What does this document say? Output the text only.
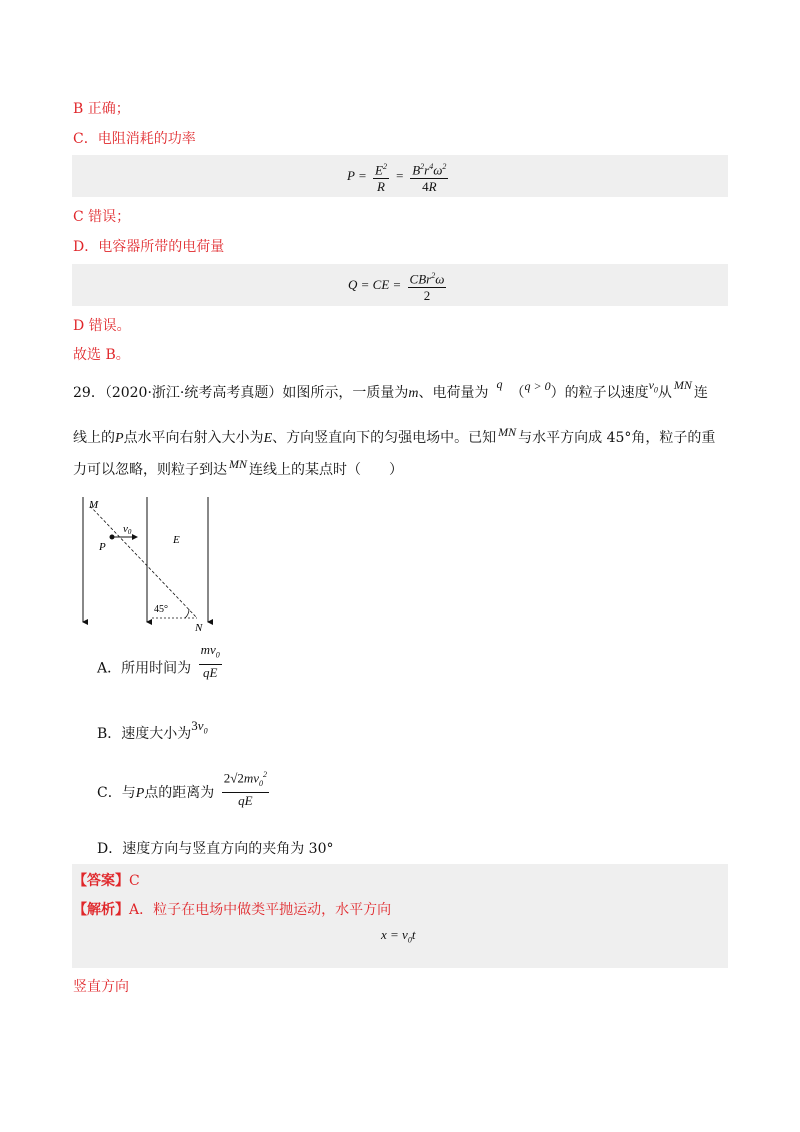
B 正确；
C．电阻消耗的功率
$P = \frac{E^2}{R} = \frac{B^2r^4\omega^2}{4R}$
C 错误；
D．电容器所带的电荷量
Q = CE = $\frac{CBr^2\omega}{2}$
D 错误。
故选 B。
29．（2020·浙江·统考高考真题）如图所示，一质量为m、电荷量为q（q > 0）的粒子以速度$v_0$从 MN 连
线上的P点水平向右射入大小为E、方向竖直向下的匀强电场中。已知 MN 与水平方向成 45°角，粒子的重
力可以忽略，则粒子到达 MN 连线上的某点时（　　）
M
P
v0
E
45°
N
A．所用时间为 $\frac{mv_0}{qE}$
B．速度大小为$3v_0$
C．与P点的距离为 $\frac{2√2mv_0^2}{qE}$
D．速度方向与竖直方向的夹角为 30°
【答案】C
【解析】A．粒子在电场中做类平抛运动，水平方向
$x = v_0t$
竖直方向
